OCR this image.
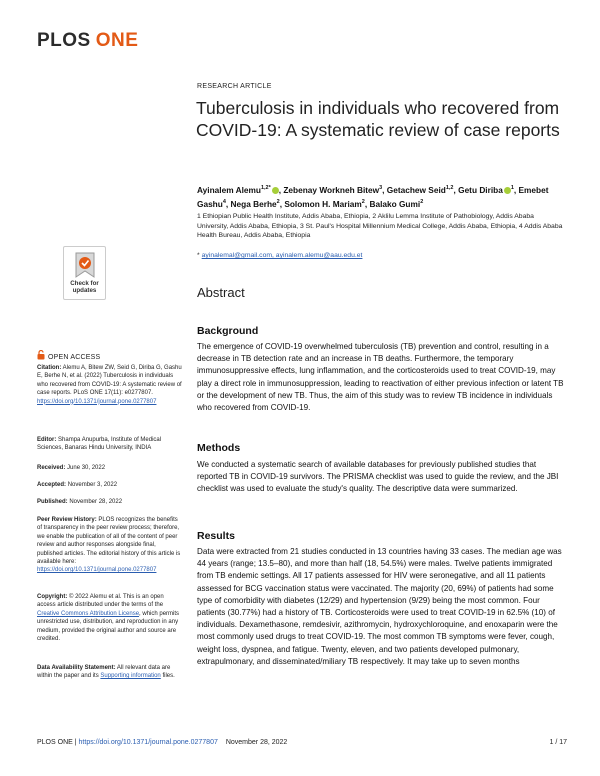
PLOS ONE
RESEARCH ARTICLE
Tuberculosis in individuals who recovered from COVID-19: A systematic review of case reports
Ayinalem Alemu$^{1,2*}$ , Zebenay Workneh Bitew$^3$, Getachew Seid$^{1,2}$, Getu Diriba $^1$, Emebet Gashu$^4$, Nega Berhe$^2$, Solomon H. Mariam$^2$, Balako Gumi$^2$
1 Ethiopian Public Health Institute, Addis Ababa, Ethiopia, 2 Aklilu Lemma Institute of Pathobiology, Addis Ababa University, Addis Ababa, Ethiopia, 3 St. Paul's Hospital Millennium Medical College, Addis Ababa, Ethiopia, 4 Addis Ababa Health Bureau, Addis Ababa, Ethiopia
* ayinalemal@gmail.com, ayinalem.alemu@aau.edu.et
Check for updates
OPEN ACCESS
Citation: Alemu A, Bitew ZW, Seid G, Diriba G, Gashu E, Berhe N, et al. (2022) Tuberculosis in individuals who recovered from COVID-19: A systematic review of case reports. PLoS ONE 17(11): e0277807. https://doi.org/10.1371/journal.pone.0277807
Editor: Shampa Anupurba, Institute of Medical Sciences, Banaras Hindu University, INDIA
Received: June 30, 2022
Accepted: November 3, 2022
Published: November 28, 2022
Peer Review History: PLOS recognizes the benefits of transparency in the peer review process; therefore, we enable the publication of all of the content of peer review and author responses alongside final, published articles. The editorial history of this article is available here: https://doi.org/10.1371/journal.pone.0277807
Copyright: © 2022 Alemu et al. This is an open access article distributed under the terms of the Creative Commons Attribution License, which permits unrestricted use, distribution, and reproduction in any medium, provided the original author and source are credited.
Data Availability Statement: All relevant data are within the paper and its Supporting information files.
Abstract
Background
The emergence of COVID-19 overwhelmed tuberculosis (TB) prevention and control, resulting in a decrease in TB detection rate and an increase in TB deaths. Furthermore, the temporary immunosuppressive effects, lung inflammation, and the corticosteroids used to treat COVID-19, may play a direct role in immunosuppression, leading to reactivation of either previous infection or latent TB or the development of new TB. Thus, the aim of this study was to review TB incidence in individuals who recovered from COVID-19.
Methods
We conducted a systematic search of available databases for previously published studies that reported TB in COVID-19 survivors. The PRISMA checklist was used to guide the review, and the JBI checklist was used to evaluate the study's quality. The descriptive data were summarized.
Results
Data were extracted from 21 studies conducted in 13 countries having 33 cases. The median age was 44 years (range; 13.5–80), and more than half (18, 54.5%) were males. Twelve patients immigrated from TB endemic settings. All 17 patients assessed for HIV were seronegative, and all 11 patients assessed for BCG vaccination status were vaccinated. The majority (20, 69%) of patients had some type of comorbidity with diabetes (12/29) and hypertension (9/29) being the most common. Four patients (30.77%) had a history of TB. Corticosteroids were used to treat COVID-19 in 62.5% (10) of individuals. Dexamethasone, remdesivir, azithromycin, hydroxychloroquine, and enoxaparin were the most commonly used drugs to treat COVID-19. The most common TB symptoms were fever, cough, weight loss, dyspnea, and fatigue. Twenty, eleven, and two patients developed pulmonary, extrapulmonary, and disseminated/miliary TB respectively. It may take up to seven months
PLOS ONE | https://doi.org/10.1371/journal.pone.0277807 November 28, 2022	1 / 17
